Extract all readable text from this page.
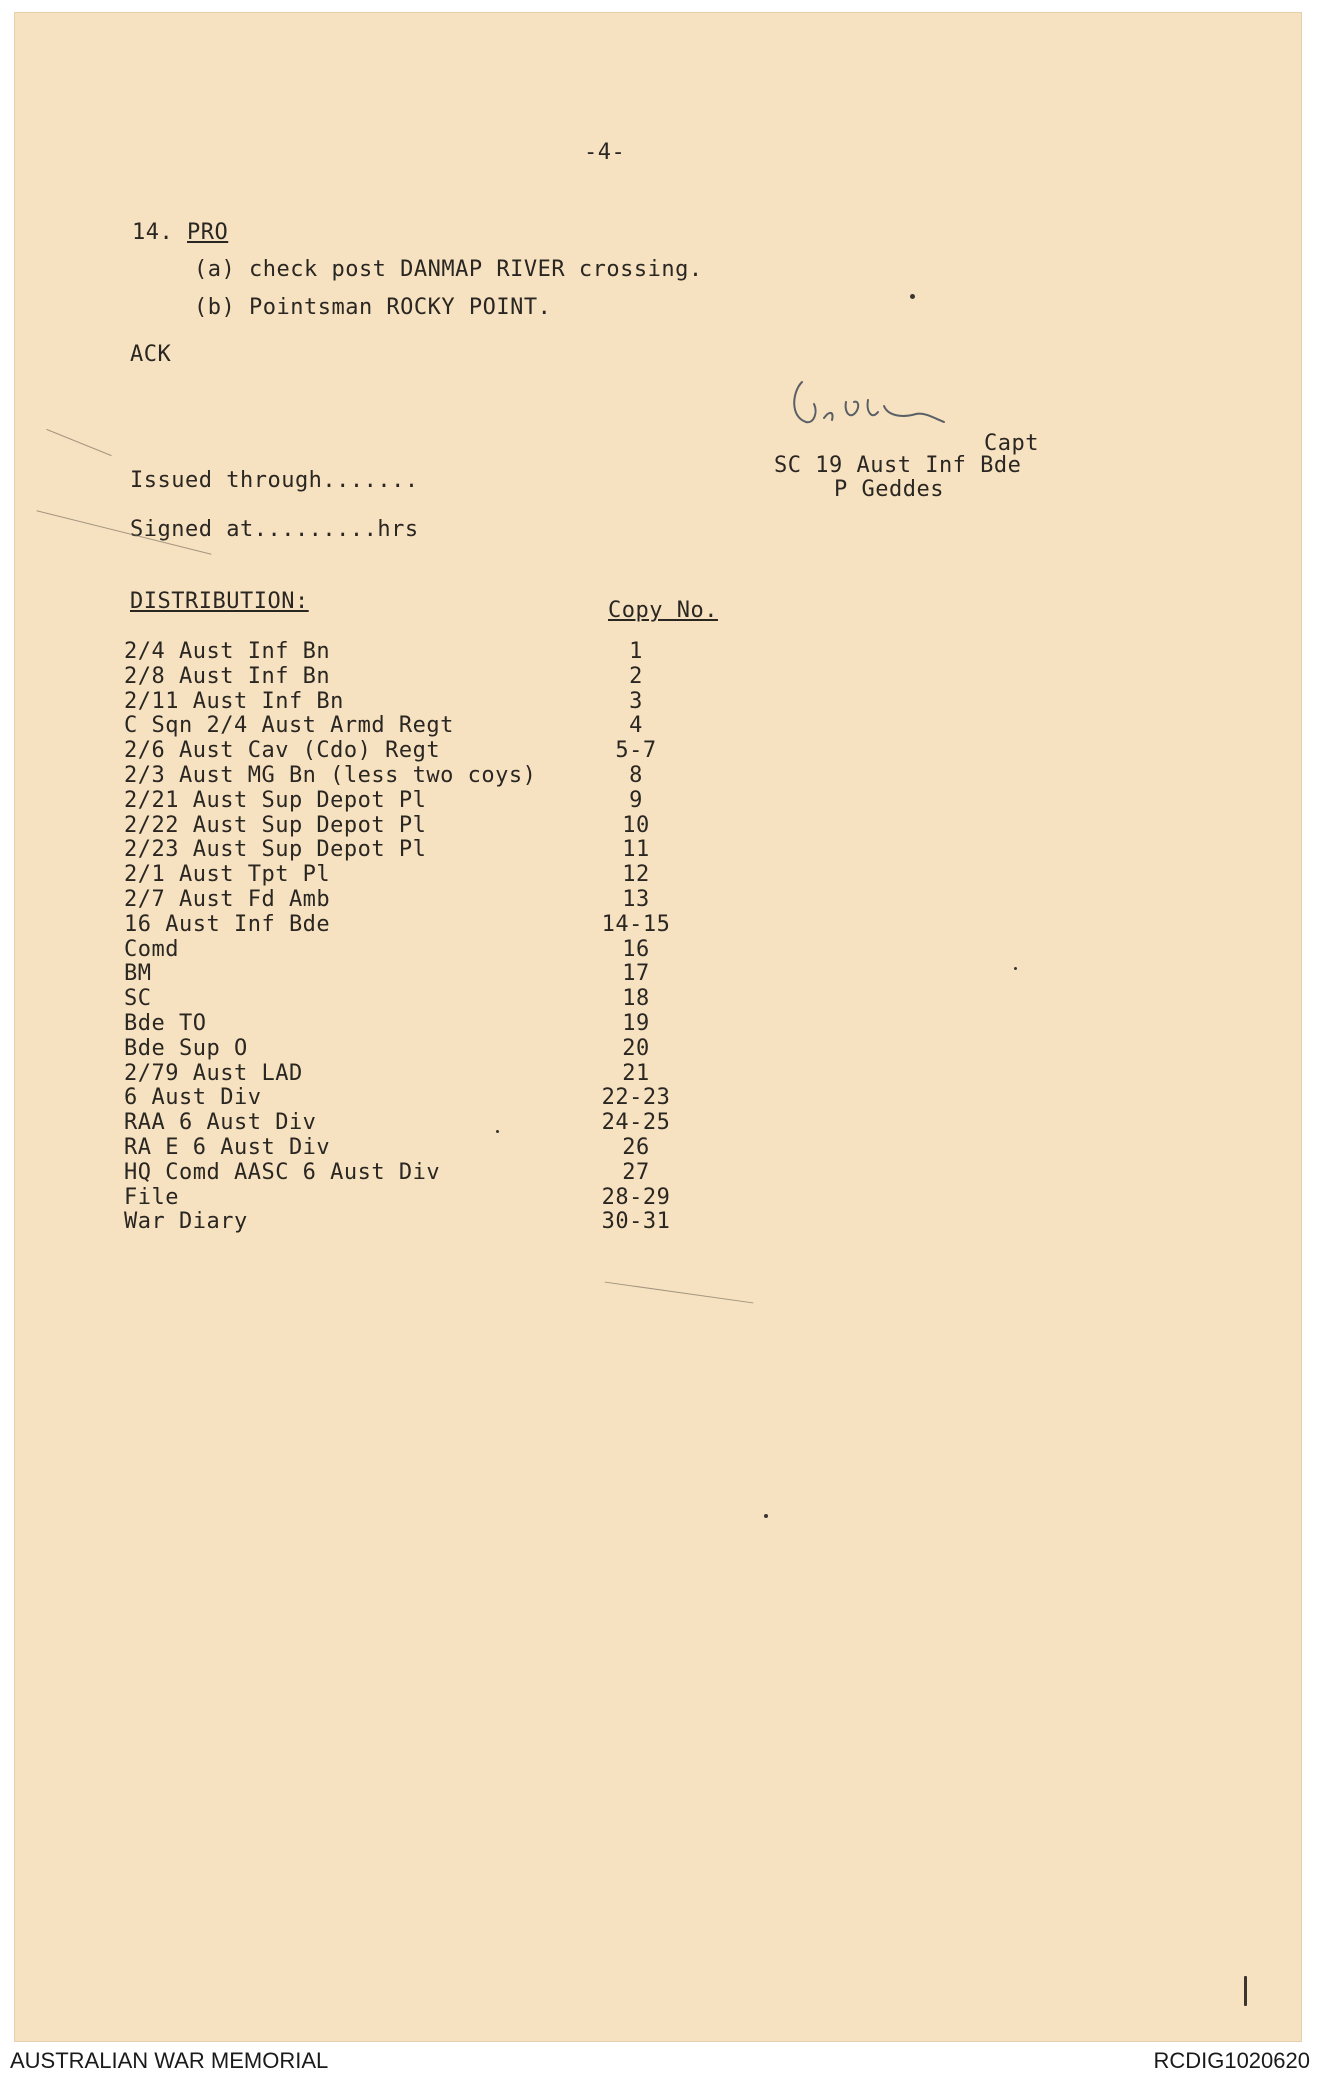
-4-
14. PRO
(a) check post DANMAP RIVER crossing.
(b) Pointsman ROCKY POINT.
ACK
Capt
SC 19 Aust Inf Bde
P Geddes
Issued through.......
Signed at.........hrs
DISTRIBUTION:	Copy No.
2/4 Aust Inf Bn	1
2/8 Aust Inf Bn	2
2/11 Aust Inf Bn	3
C Sqn 2/4 Aust Armd Regt	4
2/6 Aust Cav (Cdo) Regt	5-7
2/3 Aust MG Bn (less two coys)	8
2/21 Aust Sup Depot Pl	9
2/22 Aust Sup Depot Pl	10
2/23 Aust Sup Depot Pl	11
2/1 Aust Tpt Pl	12
2/7 Aust Fd Amb	13
16 Aust Inf Bde	14-15
Comd	16
BM	17
SC	18
Bde TO	19
Bde Sup O	20
2/79 Aust LAD	21
6 Aust Div	22-23
RAA 6 Aust Div	24-25
RA E 6 Aust Div	26
HQ Comd AASC 6 Aust Div	27
File	28-29
War Diary	30-31
AUSTRALIAN WAR MEMORIAL	RCDIG1020620
